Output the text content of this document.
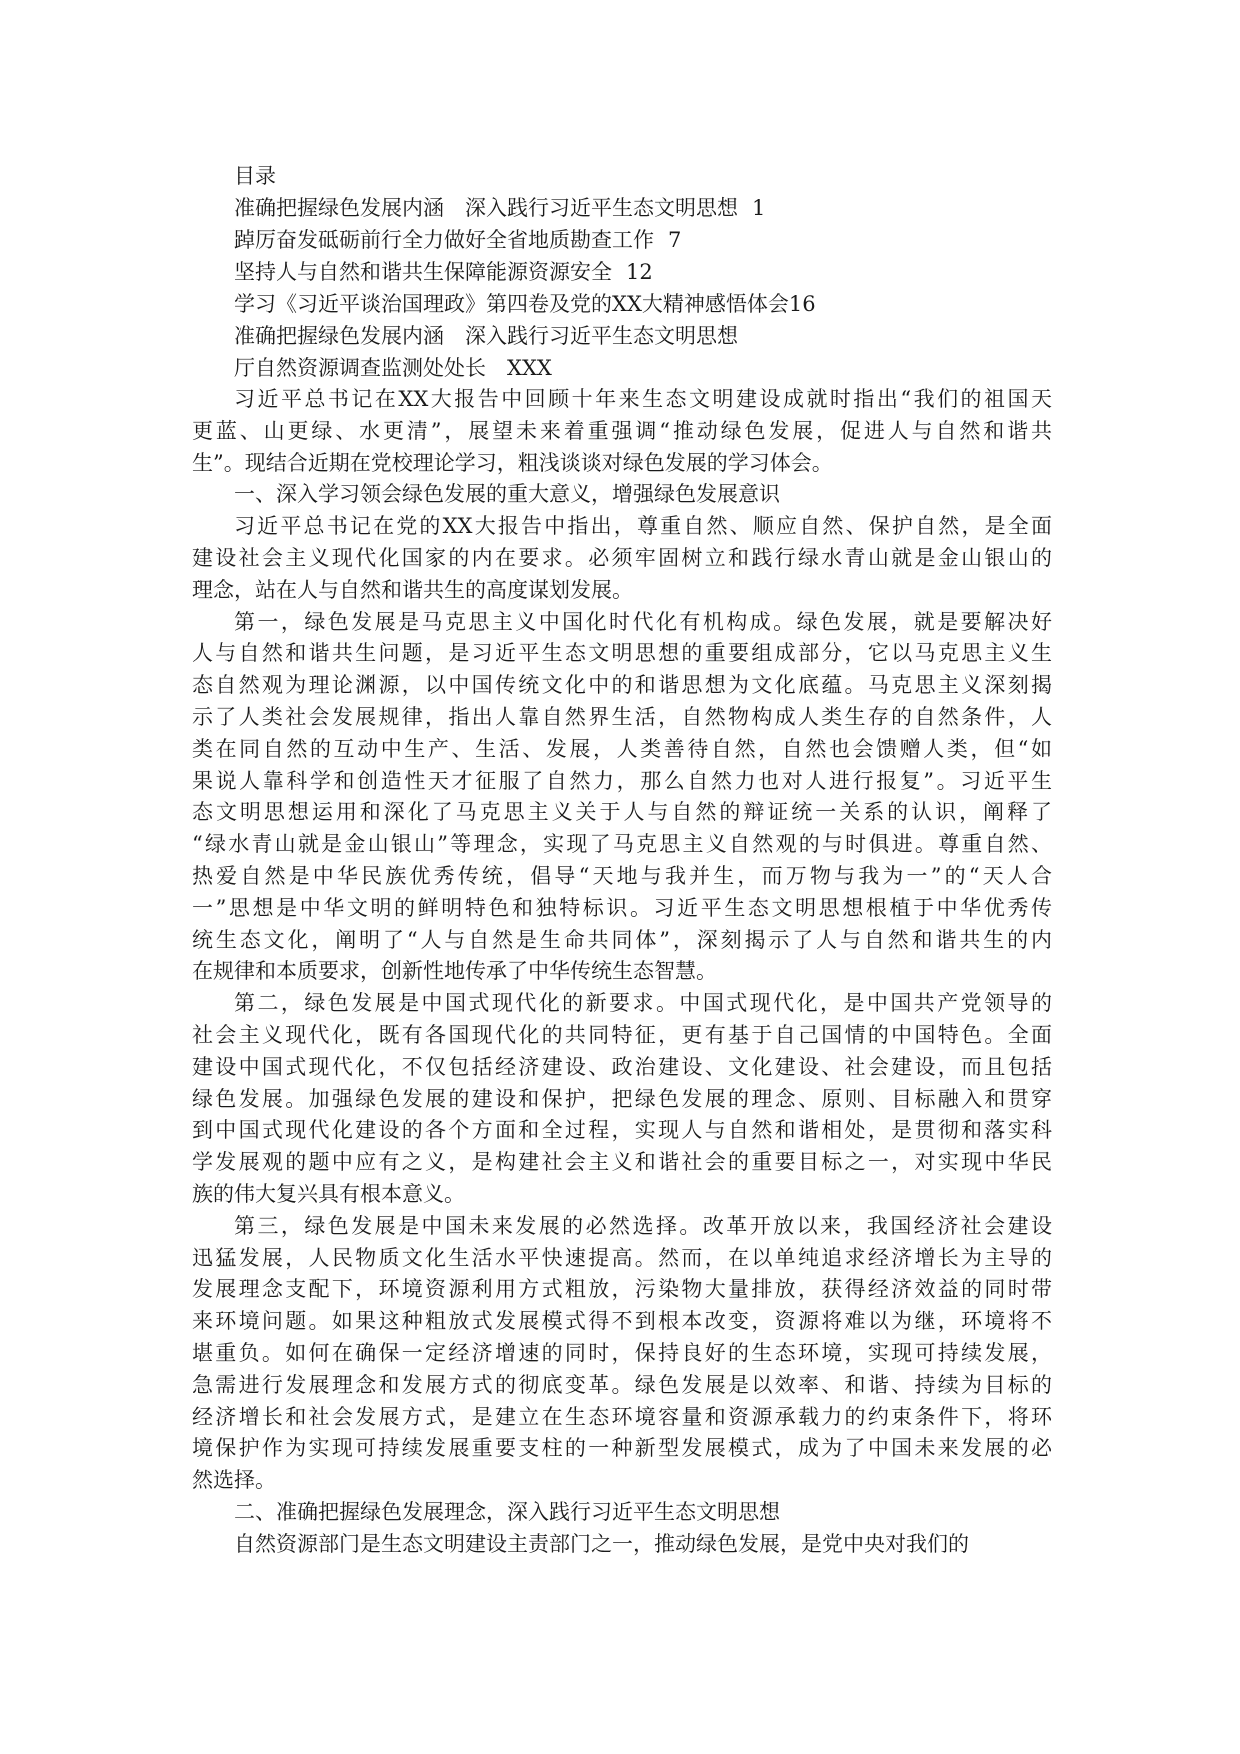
目录
准确把握绿色发展内涵　深入践行习近平生态文明思想 1
踔厉奋发砥砺前行全力做好全省地质勘查工作 7
坚持人与自然和谐共生保障能源资源安全 12
学习《习近平谈治国理政》第四卷及党的XX大精神感悟体会16
准确把握绿色发展内涵　深入践行习近平生态文明思想
厅自然资源调查监测处处长　XXX
习近平总书记在XX大报告中回顾十年来生态文明建设成就时指出“我们的祖国天
更蓝、山更绿、水更清”，展望未来着重强调“推动绿色发展，促进人与自然和谐共
生”。现结合近期在党校理论学习，粗浅谈谈对绿色发展的学习体会。
一、深入学习领会绿色发展的重大意义，增强绿色发展意识
习近平总书记在党的XX大报告中指出，尊重自然、顺应自然、保护自然，是全面
建设社会主义现代化国家的内在要求。必须牢固树立和践行绿水青山就是金山银山的
理念，站在人与自然和谐共生的高度谋划发展。
第一，绿色发展是马克思主义中国化时代化有机构成。绿色发展，就是要解决好
人与自然和谐共生问题，是习近平生态文明思想的重要组成部分，它以马克思主义生
态自然观为理论渊源，以中国传统文化中的和谐思想为文化底蕴。马克思主义深刻揭
示了人类社会发展规律，指出人靠自然界生活，自然物构成人类生存的自然条件，人
类在同自然的互动中生产、生活、发展，人类善待自然，自然也会馈赠人类，但“如
果说人靠科学和创造性天才征服了自然力，那么自然力也对人进行报复”。习近平生
态文明思想运用和深化了马克思主义关于人与自然的辩证统一关系的认识，阐释了
“绿水青山就是金山银山”等理念，实现了马克思主义自然观的与时俱进。尊重自然、
热爱自然是中华民族优秀传统，倡导“天地与我并生，而万物与我为一”的“天人合
一”思想是中华文明的鲜明特色和独特标识。习近平生态文明思想根植于中华优秀传
统生态文化，阐明了“人与自然是生命共同体”，深刻揭示了人与自然和谐共生的内
在规律和本质要求，创新性地传承了中华传统生态智慧。
第二，绿色发展是中国式现代化的新要求。中国式现代化，是中国共产党领导的
社会主义现代化，既有各国现代化的共同特征，更有基于自己国情的中国特色。全面
建设中国式现代化，不仅包括经济建设、政治建设、文化建设、社会建设，而且包括
绿色发展。加强绿色发展的建设和保护，把绿色发展的理念、原则、目标融入和贯穿
到中国式现代化建设的各个方面和全过程，实现人与自然和谐相处，是贯彻和落实科
学发展观的题中应有之义，是构建社会主义和谐社会的重要目标之一，对实现中华民
族的伟大复兴具有根本意义。
第三，绿色发展是中国未来发展的必然选择。改革开放以来，我国经济社会建设
迅猛发展，人民物质文化生活水平快速提高。然而，在以单纯追求经济增长为主导的
发展理念支配下，环境资源利用方式粗放，污染物大量排放，获得经济效益的同时带
来环境问题。如果这种粗放式发展模式得不到根本改变，资源将难以为继，环境将不
堪重负。如何在确保一定经济增速的同时，保持良好的生态环境，实现可持续发展，
急需进行发展理念和发展方式的彻底变革。绿色发展是以效率、和谐、持续为目标的
经济增长和社会发展方式，是建立在生态环境容量和资源承载力的约束条件下，将环
境保护作为实现可持续发展重要支柱的一种新型发展模式，成为了中国未来发展的必
然选择。
二、准确把握绿色发展理念，深入践行习近平生态文明思想
自然资源部门是生态文明建设主责部门之一，推动绿色发展，是党中央对我们的
